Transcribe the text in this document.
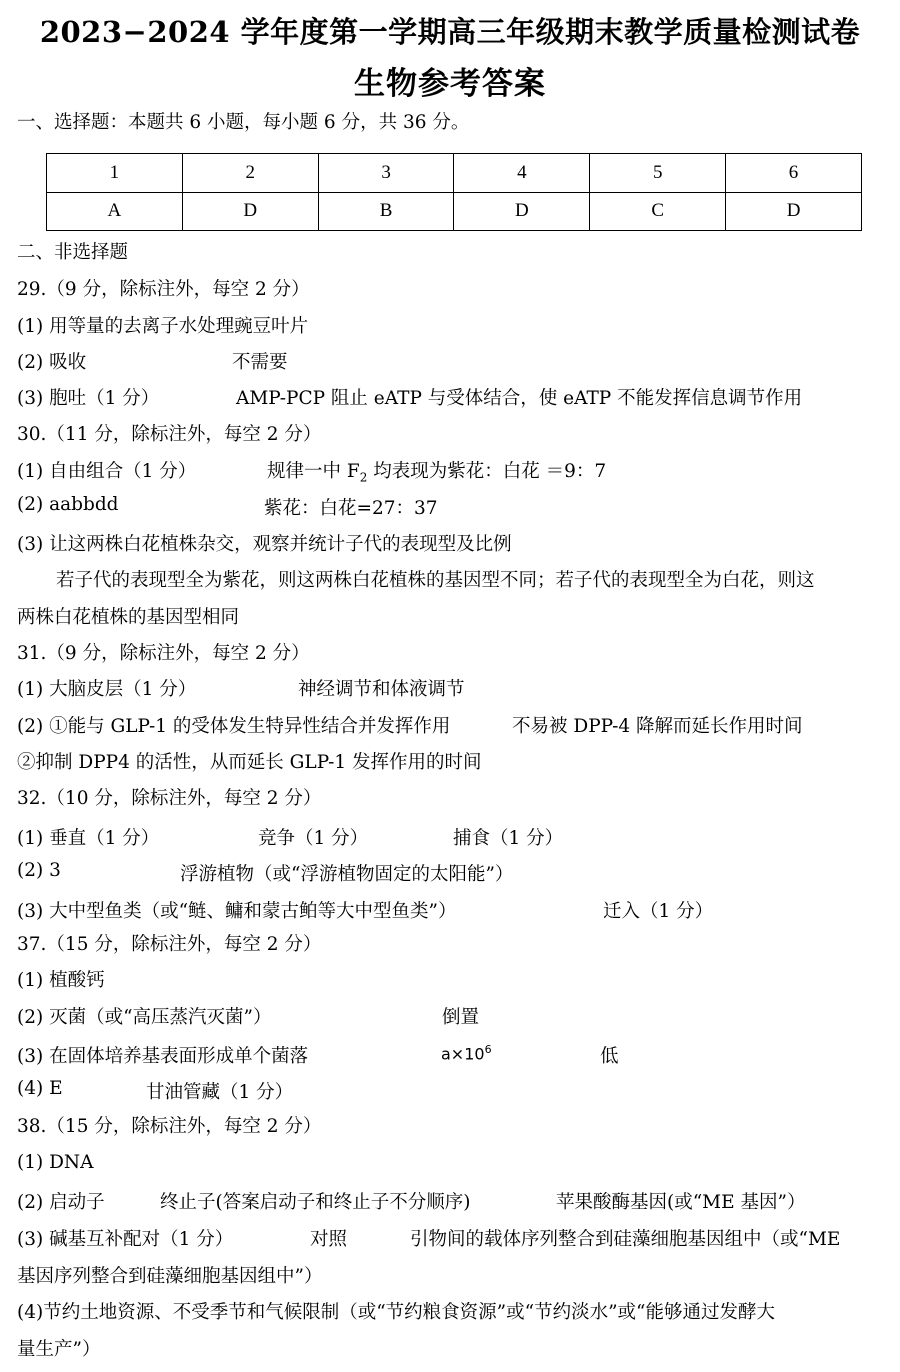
2023−2024 学年度第一学期高三年级期末教学质量检测试卷
生物参考答案
一、选择题：本题共 6 小题，每小题 6 分，共 36 分。
1	2	3	4	5	6
A	D	B	D	C	D
二、非选择题
29.（9 分，除标注外，每空 2 分）
(1) 用等量的去离子水处理豌豆叶片
(2) 吸收	不需要
(3) 胞吐（1 分）	AMP-PCP 阻止 eATP 与受体结合，使 eATP 不能发挥信息调节作用
30.（11 分，除标注外，每空 2 分）
(1) 自由组合（1 分）	规律一中 $F_2$ 均表现为紫花：白花 ＝9：7
(2) aabbdd	紫花：白花=27：37
(3) 让这两株白花植株杂交，观察并统计子代的表现型及比例
若子代的表现型全为紫花，则这两株白花植株的基因型不同；若子代的表现型全为白花，则这
两株白花植株的基因型相同
31.（9 分，除标注外，每空 2 分）
(1) 大脑皮层（1 分）	神经调节和体液调节
(2) ①能与 GLP-1 的受体发生特异性结合并发挥作用	不易被 DPP-4 降解而延长作用时间
②抑制 DPP4 的活性，从而延长 GLP-1 发挥作用的时间
32.（10 分，除标注外，每空 2 分）
(1) 垂直（1 分）	竞争（1 分）	捕食（1 分）
(2) 3	浮游植物（或“浮游植物固定的太阳能”）
(3) 大中型鱼类（或“鲢、鳙和蒙古鲌等大中型鱼类”）	迁入（1 分）
37.（15 分，除标注外，每空 2 分）
(1) 植酸钙
(2) 灭菌（或“高压蒸汽灭菌”）	倒置
(3) 在固体培养基表面形成单个菌落	$a\times 10^6$	低
(4) E	甘油管藏（1 分）
38.（15 分，除标注外，每空 2 分）
(1) DNA
(2) 启动子	终止子(答案启动子和终止子不分顺序)	苹果酸酶基因(或“ME 基因”）
(3) 碱基互补配对（1 分）	对照	引物间的载体序列整合到硅藻细胞基因组中（或“ME
基因序列整合到硅藻细胞基因组中”）
(4)节约土地资源、不受季节和气候限制（或“节约粮食资源”或“节约淡水”或“能够通过发酵大
量生产”）
